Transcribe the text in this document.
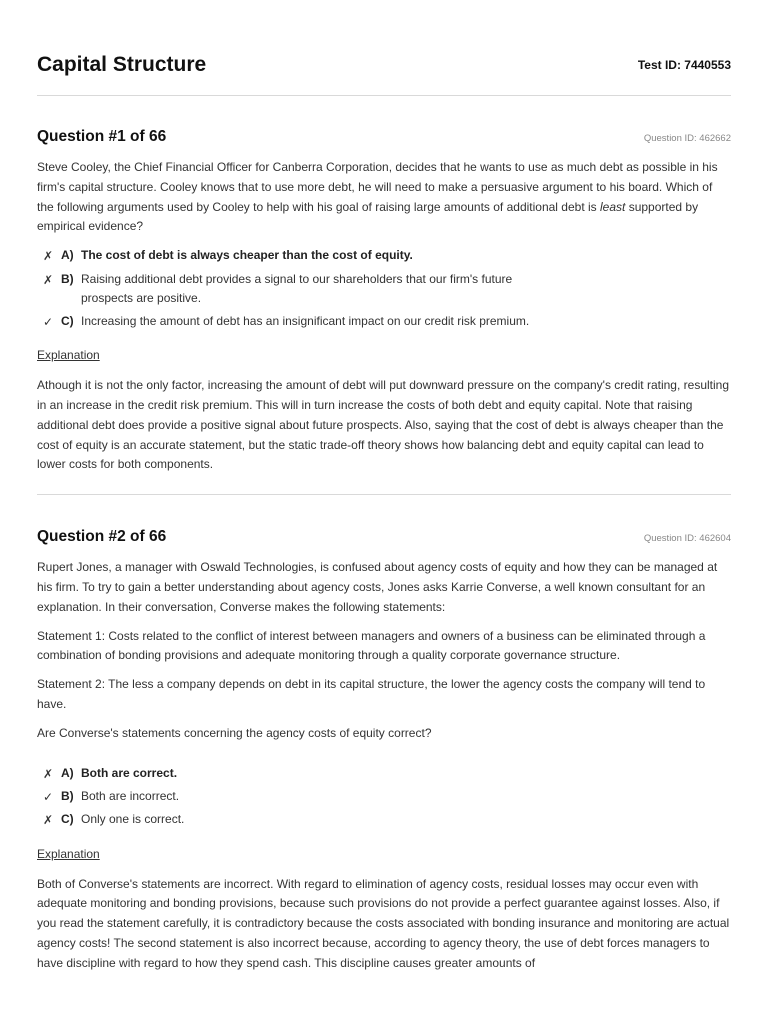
Capital Structure	Test ID: 7440553
Question #1 of 66	Question ID: 462662

Steve Cooley, the Chief Financial Officer for Canberra Corporation, decides that he wants to use as much debt as possible in his firm's capital structure. Cooley knows that to use more debt, he will need to make a persuasive argument to his board. Which of the following arguments used by Cooley to help with his goal of raising large amounts of additional debt is least supported by empirical evidence?

✗ A) The cost of debt is always cheaper than the cost of equity.
✗ B) Raising additional debt provides a signal to our shareholders that our firm's future prospects are positive.
✓ C) Increasing the amount of debt has an insignificant impact on our credit risk premium.

Explanation

Athough it is not the only factor, increasing the amount of debt will put downward pressure on the company's credit rating, resulting in an increase in the credit risk premium. This will in turn increase the costs of both debt and equity capital. Note that raising additional debt does provide a positive signal about future prospects. Also, saying that the cost of debt is always cheaper than the cost of equity is an accurate statement, but the static trade-off theory shows how balancing debt and equity capital can lead to lower costs for both components.

Question #2 of 66	Question ID: 462604

Rupert Jones, a manager with Oswald Technologies, is confused about agency costs of equity and how they can be managed at his firm. To try to gain a better understanding about agency costs, Jones asks Karrie Converse, a well known consultant for an explanation. In their conversation, Converse makes the following statements:

Statement 1: Costs related to the conflict of interest between managers and owners of a business can be eliminated through a combination of bonding provisions and adequate monitoring through a quality corporate governance structure.

Statement 2: The less a company depends on debt in its capital structure, the lower the agency costs the company will tend to have.

Are Converse's statements concerning the agency costs of equity correct?

✗ A) Both are correct.
✓ B) Both are incorrect.
✗ C) Only one is correct.

Explanation

Both of Converse's statements are incorrect. With regard to elimination of agency costs, residual losses may occur even with adequate monitoring and bonding provisions, because such provisions do not provide a perfect guarantee against losses. Also, if you read the statement carefully, it is contradictory because the costs associated with bonding insurance and monitoring are actual agency costs! The second statement is also incorrect because, according to agency theory, the use of debt forces managers to have discipline with regard to how they spend cash. This discipline causes greater amounts of
